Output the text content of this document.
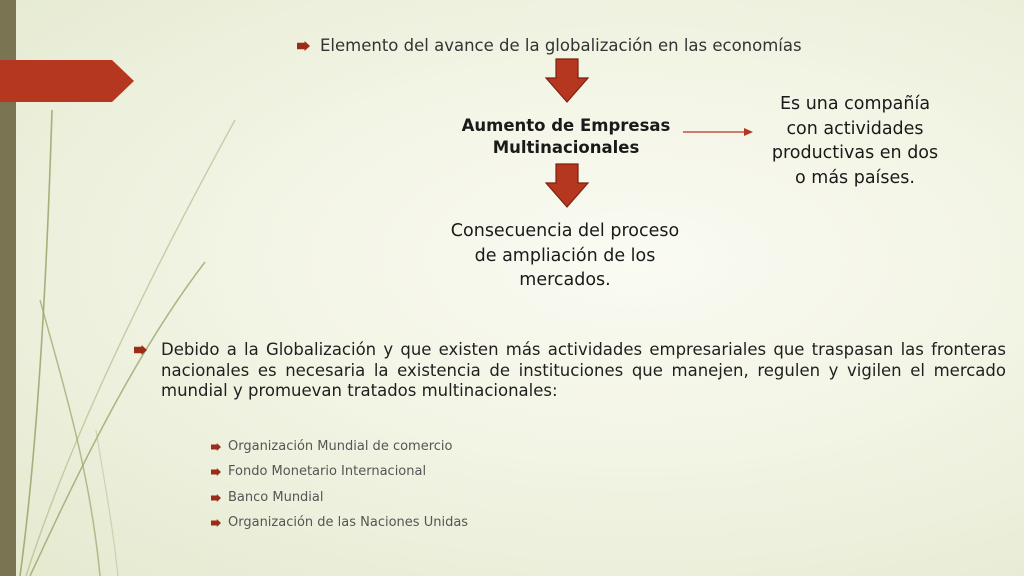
Elemento del avance de la globalización en las economías

Aumento de Empresas
Multinacionales
Es una compañía
con actividades
productivas en dos
o más países.
Consecuencia del proceso
de ampliación de los
mercados.

Debido a la Globalización y que existen más actividades empresariales que traspasan las fronteras nacionales es necesaria la existencia de instituciones que manejen, regulen y vigilen el mercado mundial y promuevan tratados multinacionales:

Organización Mundial de comercio

Fondo Monetario Internacional

Banco Mundial

Organización de las Naciones Unidas
